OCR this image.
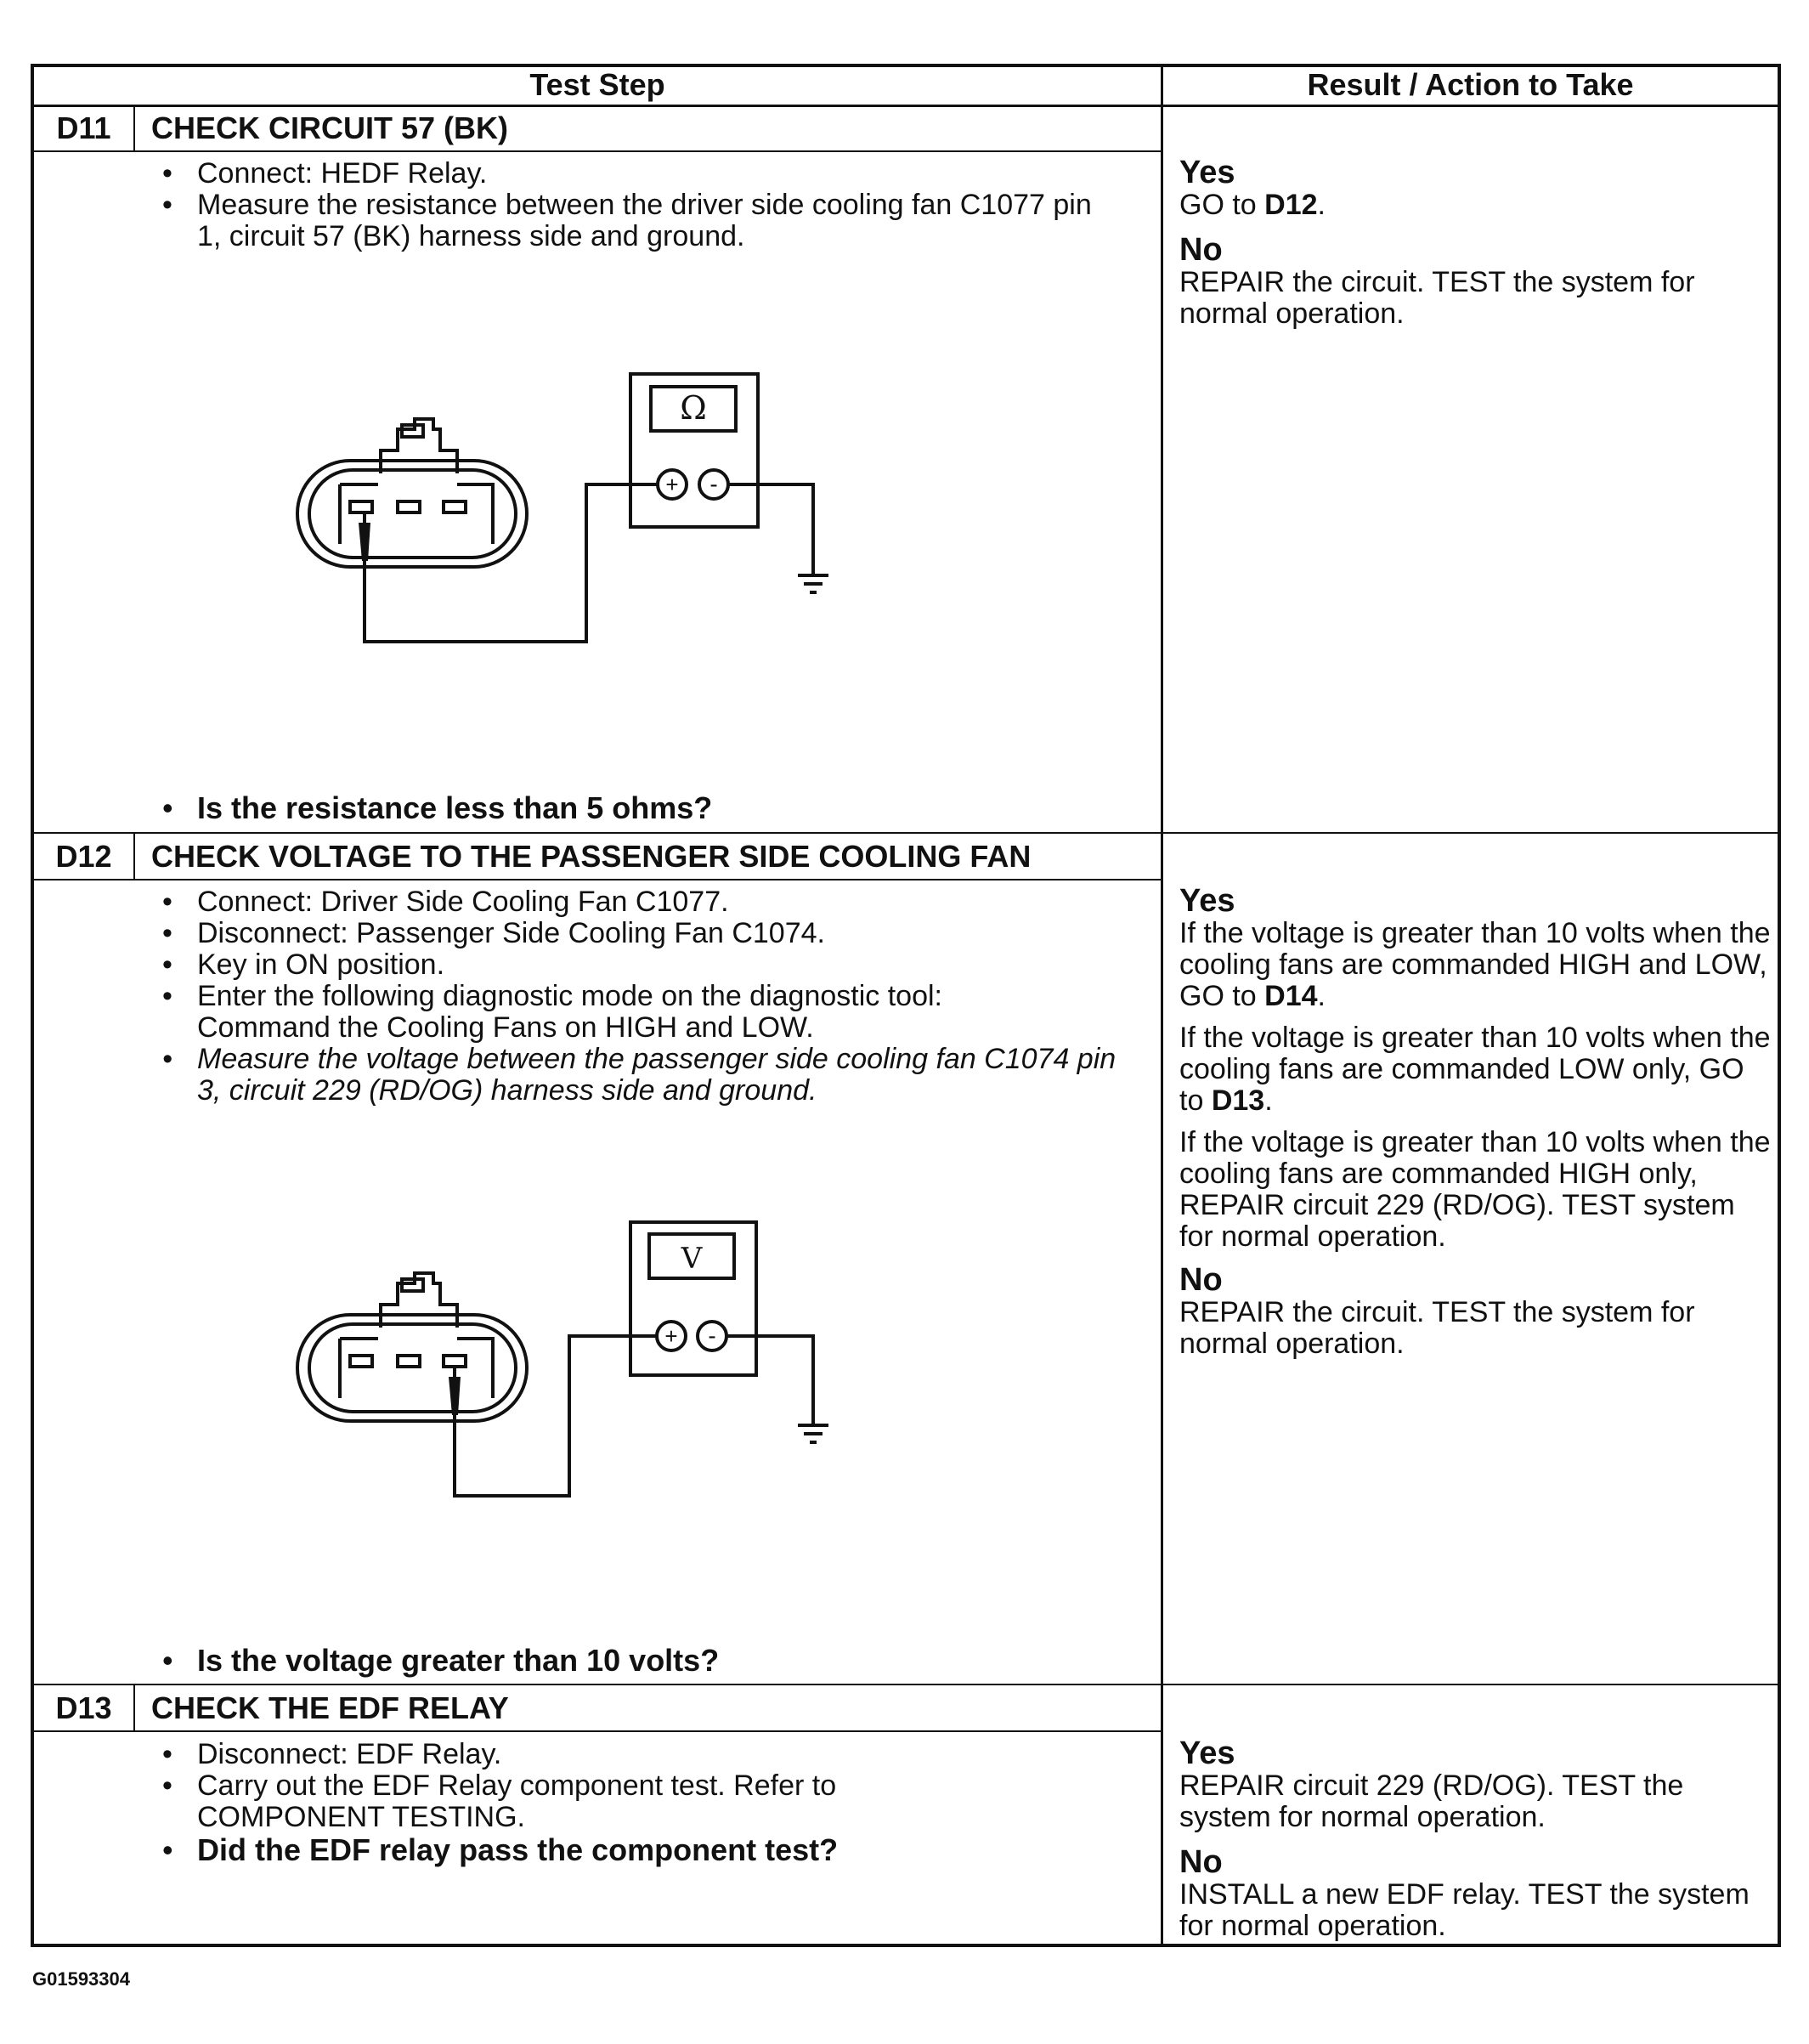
Test Step	Result / Action to Take
D11	CHECK CIRCUIT 57 (BK)
• Connect: HEDF Relay.
• Measure the resistance between the driver side cooling fan C1077 pin 1, circuit 57 (BK) harness side and ground.
Ω
+ -
• Is the resistance less than 5 ohms?
Yes
GO to D12.
No
REPAIR the circuit. TEST the system for normal operation.
D12	CHECK VOLTAGE TO THE PASSENGER SIDE COOLING FAN
• Connect: Driver Side Cooling Fan C1077.
• Disconnect: Passenger Side Cooling Fan C1074.
• Key in ON position.
• Enter the following diagnostic mode on the diagnostic tool: Command the Cooling Fans on HIGH and LOW.
• Measure the voltage between the passenger side cooling fan C1074 pin 3, circuit 229 (RD/OG) harness side and ground.
V
+ -
• Is the voltage greater than 10 volts?
Yes

If the voltage is greater than 10 volts when the cooling fans are commanded HIGH and LOW, GO to D14.

If the voltage is greater than 10 volts when the cooling fans are commanded LOW only, GO to D13.

If the voltage is greater than 10 volts when the cooling fans are commanded HIGH only, REPAIR circuit 229 (RD/OG). TEST system for normal operation.

No
REPAIR the circuit. TEST the system for normal operation.
D13	CHECK THE EDF RELAY
• Disconnect: EDF Relay.
• Carry out the EDF Relay component test. Refer to COMPONENT TESTING.
• Did the EDF relay pass the component test?
Yes
REPAIR circuit 229 (RD/OG). TEST the system for normal operation.
No
INSTALL a new EDF relay. TEST the system for normal operation.
G01593304
